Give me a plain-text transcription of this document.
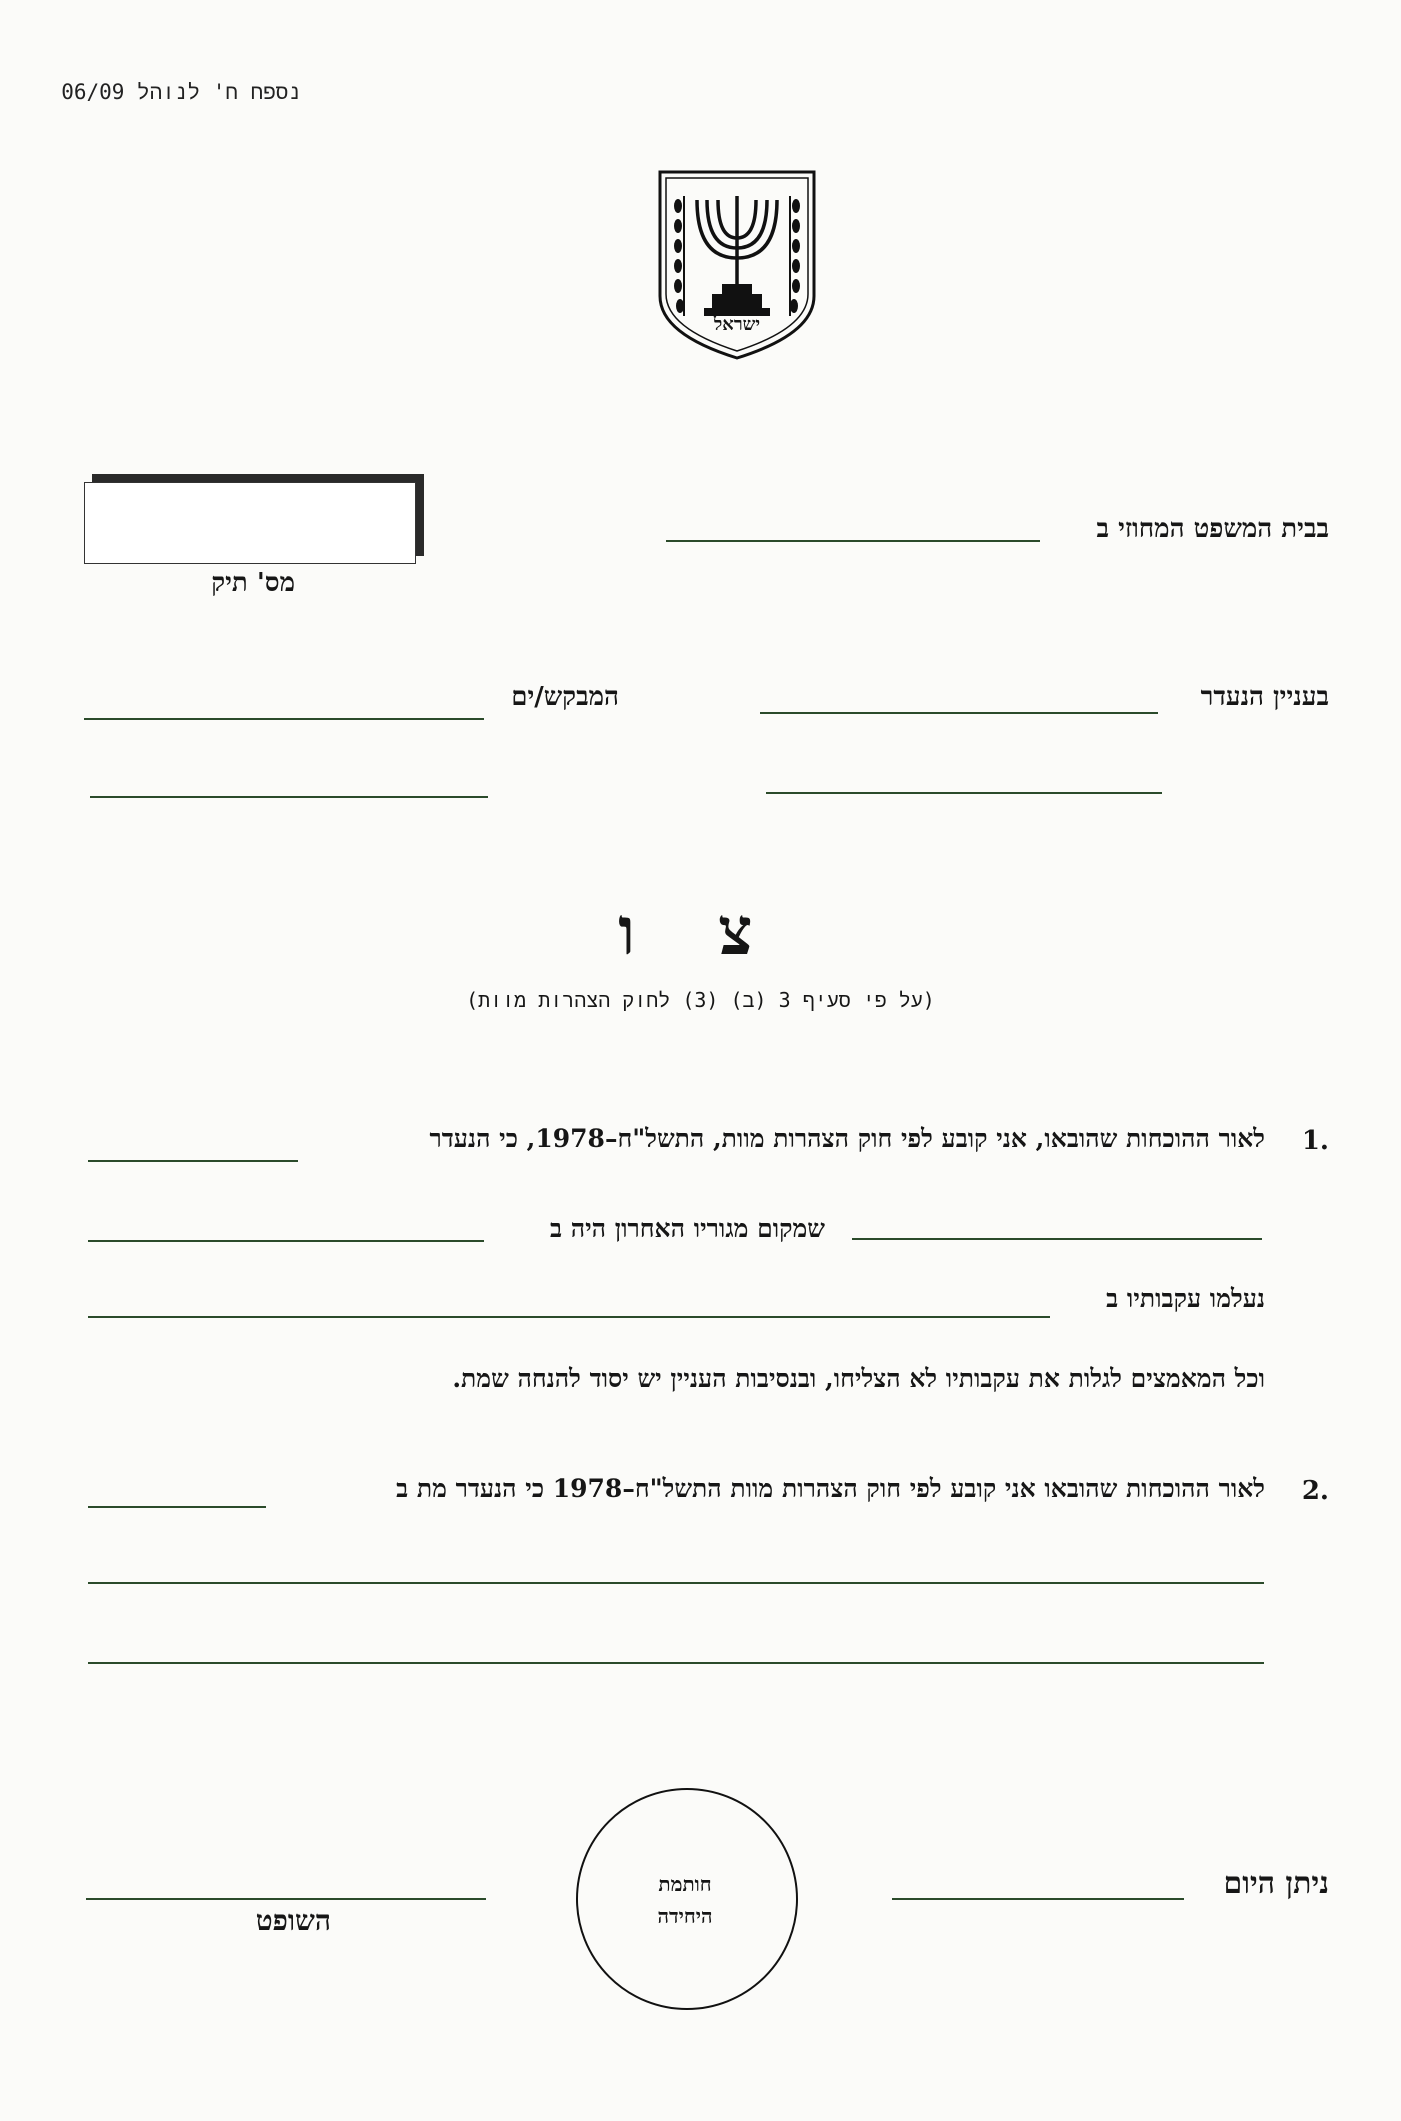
נספח ח' לנוהל 06/09
ישראל
מס' תיק
בבית המשפט המחוזי ב
בעניין הנעדר
המבקש/ים
צ ו
(על פי סעיף 3 (ב) (3) לחוק הצהרות מוות)
1.
לאור ההוכחות שהובאו, אני קובע לפי חוק הצהרות מוות, התשל"ח–1978, כי הנעדר
שמקום מגוריו האחרון היה ב
נעלמו עקבותיו ב
וכל המאמצים לגלות את עקבותיו לא הצליחו, ובנסיבות העניין יש יסוד להנחה שמת.
2.
לאור ההוכחות שהובאו אני קובע לפי חוק הצהרות מוות התשל"ח–1978 כי הנעדר מת ב
ניתן היום
חותמת
היחידה
השופט
